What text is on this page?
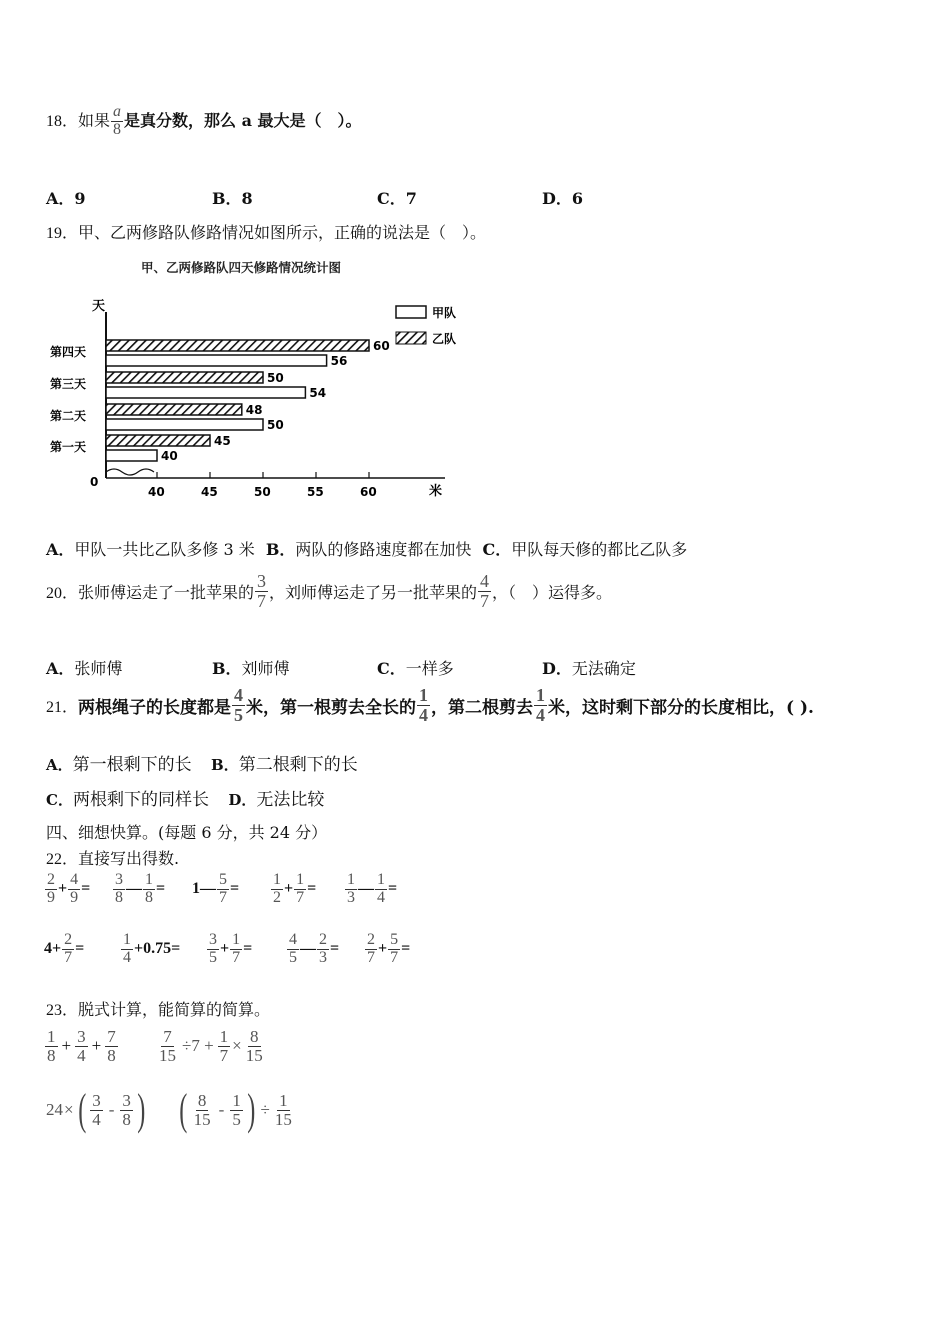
18．如果 $\frac{a}{8}$ 是真分数，那么 a 最大是（　）。
A．9	B．8	C．7	D．6
19．甲、乙两修路队修路情况如图所示，正确的说法是（　）。
甲、乙两修路队四天修路情况统计图
天
米
0
40	45	50	55	60
45
40
48
50
50
54
60
56
第一天
第二天
第三天
第四天
甲队
乙队
A．甲队一共比乙队多修 3 米 B．两队的修路速度都在加快 C．甲队每天修的都比乙队多
20． 张师傅运走了一批苹果的 $\frac{3}{7}$ ，刘师傅运走了另一批苹果的 $\frac{4}{7}$ ，（　）运得多。
A．张师傅	B．刘师傅	C．一样多	D．无法确定
21． 两根绳子的长度都是 $\frac{4}{5}$ 米，第一根剪去全长的 $\frac{1}{4}$ ，第二根剪去 $\frac{1}{4}$ 米，这时剩下部分的长度相比，( ).
A．第一根剩下的长 B．第二根剩下的长
C．两根剩下的同样长 D．无法比较
四、细想快算。(每题 6 分，共 24 分）
22．直接写出得数.
$\frac{2}{9} + \frac{4}{9} = \frac{3}{8}$ — $\frac{1}{8} = 1$ — $\frac{5}{7} = \frac{1}{2} + \frac{1}{7} = \frac{1}{3}$ — $\frac{1}{4}$ =
$4 + \frac{2}{7} = \frac{1}{4} +0.75 = \frac{3}{5} + \frac{1}{7} = \frac{4}{5}$ — $\frac{2}{3} = \frac{2}{7} + \frac{5}{7}$ =
23．脱式计算，能简算的简算。
$\frac{1}{8} + \frac{3}{4} + \frac{7}{8} \frac{7}{15} \div 7 + \frac{1}{7} \times \frac{8}{15}$
24 × ( $\frac{3}{4} - \frac{3}{8}$ ) ( $\frac{8}{15} - \frac{1}{5}$ ) ÷ $\frac{1}{15}$
